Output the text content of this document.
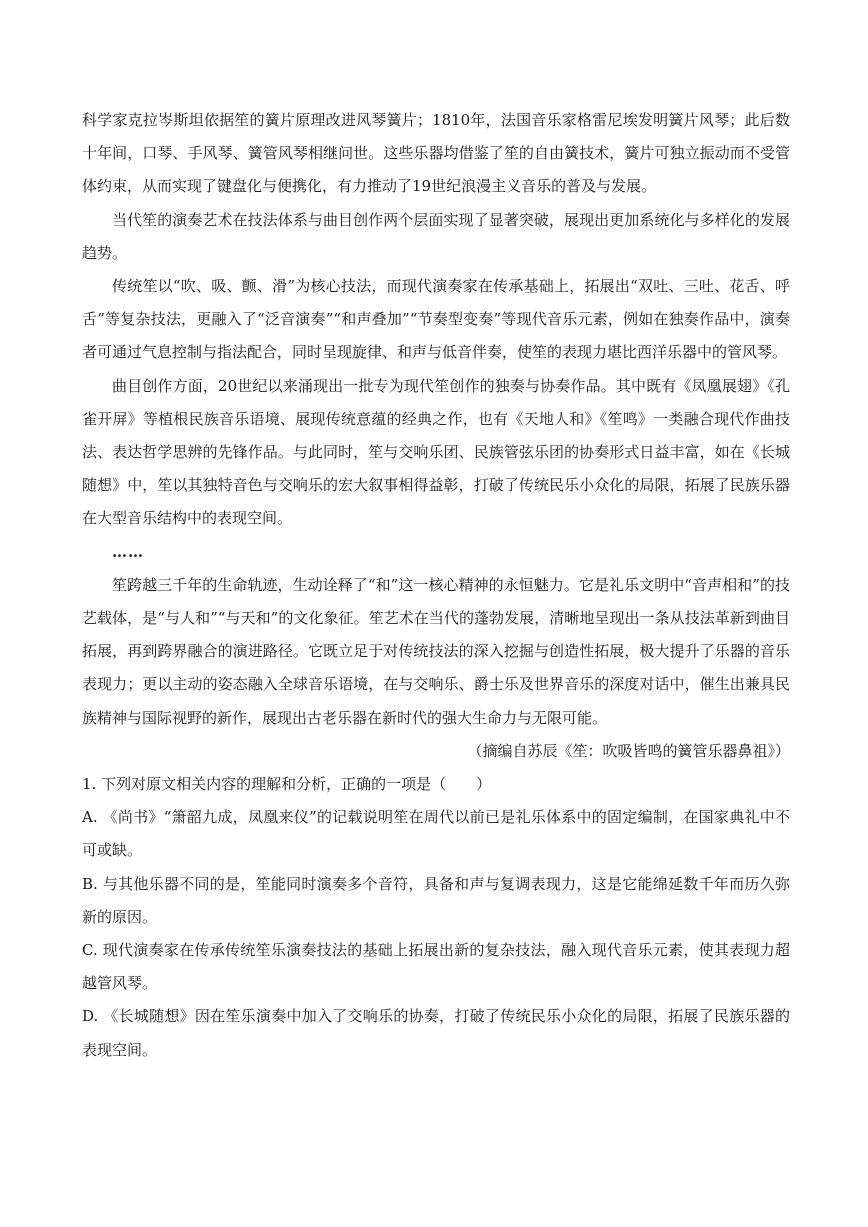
科学家克拉岑斯坦依据笙的簧片原理改进风琴簧片；1810年，法国音乐家格雷尼埃发明簧片风琴；此后数十年间，口琴、手风琴、簧管风琴相继问世。这些乐器均借鉴了笙的自由簧技术，簧片可独立振动而不受管体约束，从而实现了键盘化与便携化，有力推动了19世纪浪漫主义音乐的普及与发展。

当代笙的演奏艺术在技法体系与曲目创作两个层面实现了显著突破，展现出更加系统化与多样化的发展趋势。

传统笙以“吹、吸、颤、滑”为核心技法，而现代演奏家在传承基础上，拓展出“双吐、三吐、花舌、呼舌”等复杂技法，更融入了“泛音演奏”“和声叠加”“节奏型变奏”等现代音乐元素，例如在独奏作品中，演奏者可通过气息控制与指法配合，同时呈现旋律、和声与低音伴奏，使笙的表现力堪比西洋乐器中的管风琴。

曲目创作方面，20世纪以来涌现出一批专为现代笙创作的独奏与协奏作品。其中既有《凤凰展翅》《孔雀开屏》等植根民族音乐语境、展现传统意蕴的经典之作，也有《天地人和》《笙鸣》一类融合现代作曲技法、表达哲学思辨的先锋作品。与此同时，笙与交响乐团、民族管弦乐团的协奏形式日益丰富，如在《长城随想》中，笙以其独特音色与交响乐的宏大叙事相得益彰，打破了传统民乐小众化的局限，拓展了民族乐器在大型音乐结构中的表现空间。

……

笙跨越三千年的生命轨迹，生动诠释了“和”这一核心精神的永恒魅力。它是礼乐文明中“音声相和”的技艺载体，是“与人和”“与天和”的文化象征。笙艺术在当代的蓬勃发展，清晰地呈现出一条从技法革新到曲目拓展，再到跨界融合的演进路径。它既立足于对传统技法的深入挖掘与创造性拓展，极大提升了乐器的音乐表现力；更以主动的姿态融入全球音乐语境，在与交响乐、爵士乐及世界音乐的深度对话中，催生出兼具民族精神与国际视野的新作，展现出古老乐器在新时代的强大生命力与无限可能。

（摘编自苏辰《笙：吹吸皆鸣的簧管乐器鼻祖》）

1. 下列对原文相关内容的理解和分析，正确的一项是（　　）

A. 《尚书》“箫韶九成，凤凰来仪”的记载说明笙在周代以前已是礼乐体系中的固定编制，在国家典礼中不可或缺。

B. 与其他乐器不同的是，笙能同时演奏多个音符，具备和声与复调表现力，这是它能绵延数千年而历久弥新的原因。

C. 现代演奏家在传承传统笙乐演奏技法的基础上拓展出新的复杂技法，融入现代音乐元素，使其表现力超越管风琴。

D. 《长城随想》因在笙乐演奏中加入了交响乐的协奏，打破了传统民乐小众化的局限，拓展了民族乐器的表现空间。
